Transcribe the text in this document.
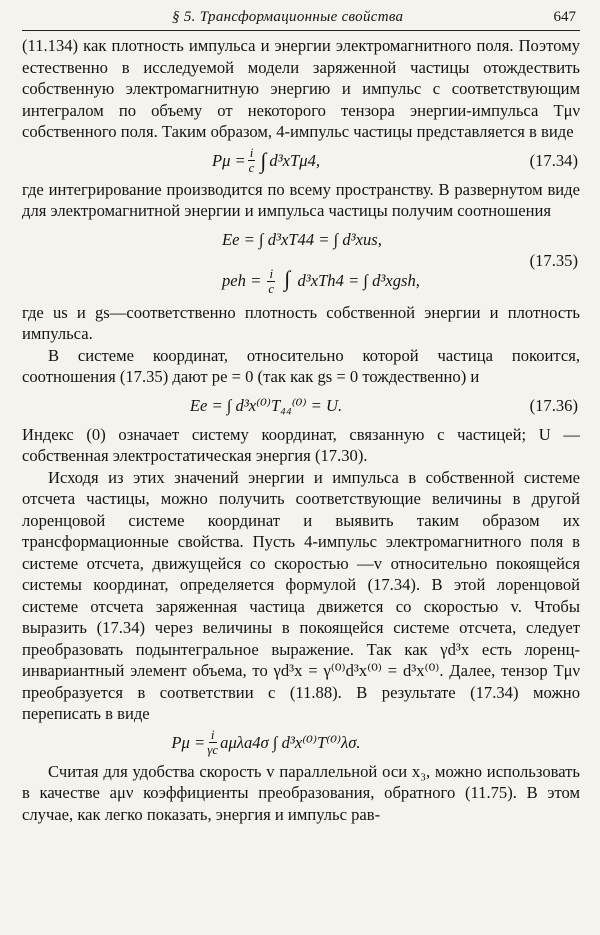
§ 5. Трансформационные свойства	647

(11.134) как плотность импульса и энергии электромагнитного поля. Поэтому естественно в исследуемой модели заряженной частицы отождествить собственную электромагнитную энергию и импульс с соответствующим интегралом по объему от некоторого тензора энергии-импульса Tμν собственного поля. Таким образом, 4-импульс частицы представляется в виде

$P\mu = \frac{i}{c}$ ∫ d³xTμ4,	(17.34)

где интегрирование производится по всему пространству. В развернутом виде для электромагнитной энергии и импульса частицы получим соотношения

Ee = ∫ d³xT44 = ∫ d³xus,
peh = $\frac{i}{c}$ ∫ d³xTh4 = ∫ d³xgsh,
(17.35)

где us и gs—соответственно плотность собственной энергии и плотность импульса.

В системе координат, относительно которой частица покоится, соотношения (17.35) дают pe = 0 (так как gs = 0 тождественно) и

Ee = ∫ d³x⁽⁰⁾T₄₄⁽⁰⁾ = U.	(17.36)

Индекс (0) означает систему координат, связанную с частицей; U — собственная электростатическая энергия (17.30).

Исходя из этих значений энергии и импульса в собственной системе отсчета частицы, можно получить соответствующие величины в другой лоренцовой системе координат и выявить таким образом их трансформационные свойства. Пусть 4-импульс электромагнитного поля в системе отсчета, движущейся со скоростью —v относительно покоящейся системы координат, определяется формулой (17.34). В этой лоренцовой системе отсчета заряженная частица движется со скоростью v. Чтобы выразить (17.34) через величины в покоящейся системе отсчета, следует преобразовать подынтегральное выражение. Так как γd³x есть лоренц-инвариантный элемент объема, то γd³x = γ⁽⁰⁾d³x⁽⁰⁾ = d³x⁽⁰⁾. Далее, тензор Tμν преобразуется в соответствии с (11.88). В результате (17.34) можно переписать в виде

$P\mu = \frac{i}{\gamma c} a\mu\lambda a4\sigma$ ∫ d³x⁽⁰⁾T⁽⁰⁾λσ.

Считая для удобства скорость v параллельной оси x₃, можно использовать в качестве aμν коэффициенты преобразования, обратного (11.75). В этом случае, как легко показать, энергия и импульс рав-
